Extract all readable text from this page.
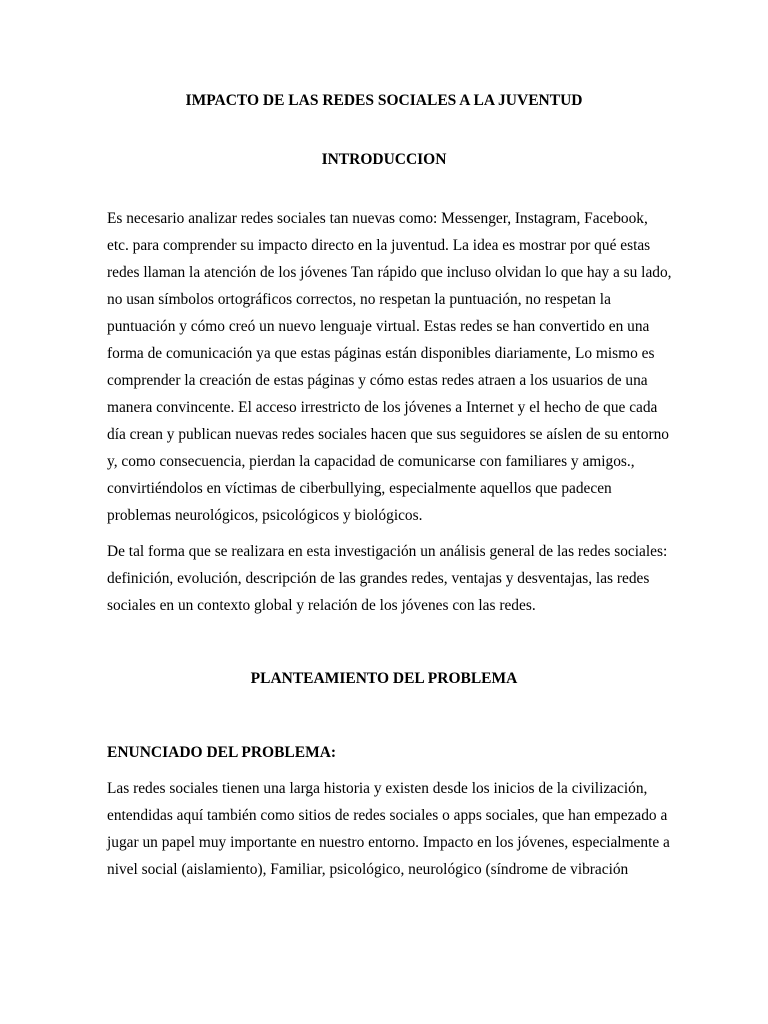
IMPACTO DE LAS REDES SOCIALES A LA JUVENTUD
INTRODUCCION

Es necesario analizar redes sociales tan nuevas como: Messenger, Instagram, Facebook,
etc. para comprender su impacto directo en la juventud. La idea es mostrar por qué estas
redes llaman la atención de los jóvenes Tan rápido que incluso olvidan lo que hay a su lado,
no usan símbolos ortográficos correctos, no respetan la puntuación, no respetan la
puntuación y cómo creó un nuevo lenguaje virtual. Estas redes se han convertido en una
forma de comunicación ya que estas páginas están disponibles diariamente, Lo mismo es
comprender la creación de estas páginas y cómo estas redes atraen a los usuarios de una
manera convincente. El acceso irrestricto de los jóvenes a Internet y el hecho de que cada
día crean y publican nuevas redes sociales hacen que sus seguidores se aíslen de su entorno
y, como consecuencia, pierdan la capacidad de comunicarse con familiares y amigos.,
convirtiéndolos en víctimas de ciberbullying, especialmente aquellos que padecen
problemas neurológicos, psicológicos y biológicos.

De tal forma que se realizara en esta investigación un análisis general de las redes sociales:
definición, evolución, descripción de las grandes redes, ventajas y desventajas, las redes
sociales en un contexto global y relación de los jóvenes con las redes.

PLANTEAMIENTO DEL PROBLEMA
ENUNCIADO DEL PROBLEMA:

Las redes sociales tienen una larga historia y existen desde los inicios de la civilización,
entendidas aquí también como sitios de redes sociales o apps sociales, que han empezado a
jugar un papel muy importante en nuestro entorno. Impacto en los jóvenes, especialmente a
nivel social (aislamiento), Familiar, psicológico, neurológico (síndrome de vibración
